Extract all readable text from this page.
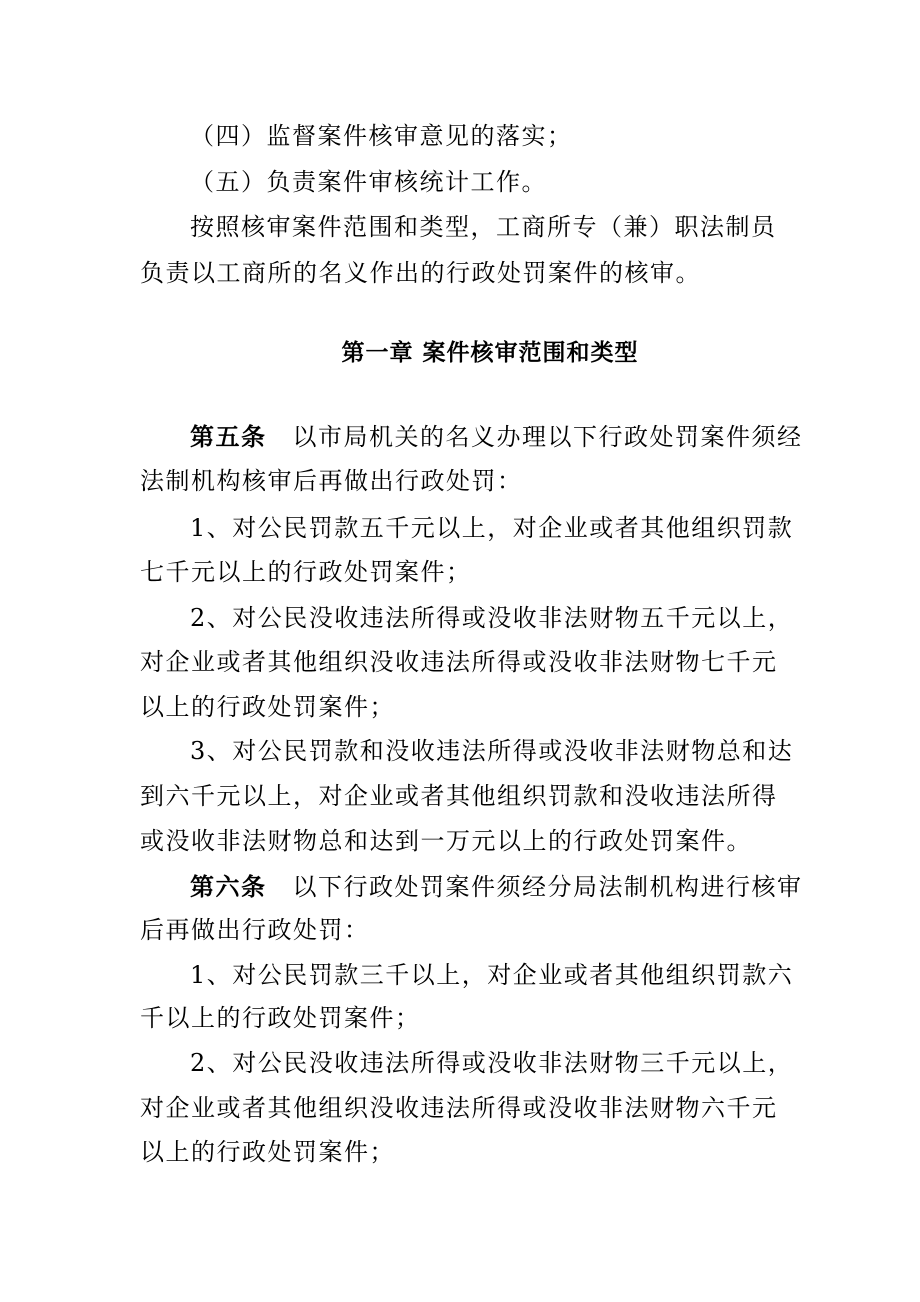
（四）监督案件核审意见的落实；
（五）负责案件审核统计工作。
按照核审案件范围和类型，工商所专（兼）职法制员
负责以工商所的名义作出的行政处罚案件的核审。
第一章 案件核审范围和类型
第五条 以市局机关的名义办理以下行政处罚案件须经
法制机构核审后再做出行政处罚：
1、对公民罚款五千元以上，对企业或者其他组织罚款
七千元以上的行政处罚案件；
2、对公民没收违法所得或没收非法财物五千元以上，
对企业或者其他组织没收违法所得或没收非法财物七千元
以上的行政处罚案件；
3、对公民罚款和没收违法所得或没收非法财物总和达
到六千元以上，对企业或者其他组织罚款和没收违法所得
或没收非法财物总和达到一万元以上的行政处罚案件。
第六条 以下行政处罚案件须经分局法制机构进行核审
后再做出行政处罚：
1、对公民罚款三千以上，对企业或者其他组织罚款六
千以上的行政处罚案件；
2、对公民没收违法所得或没收非法财物三千元以上，
对企业或者其他组织没收违法所得或没收非法财物六千元
以上的行政处罚案件；
